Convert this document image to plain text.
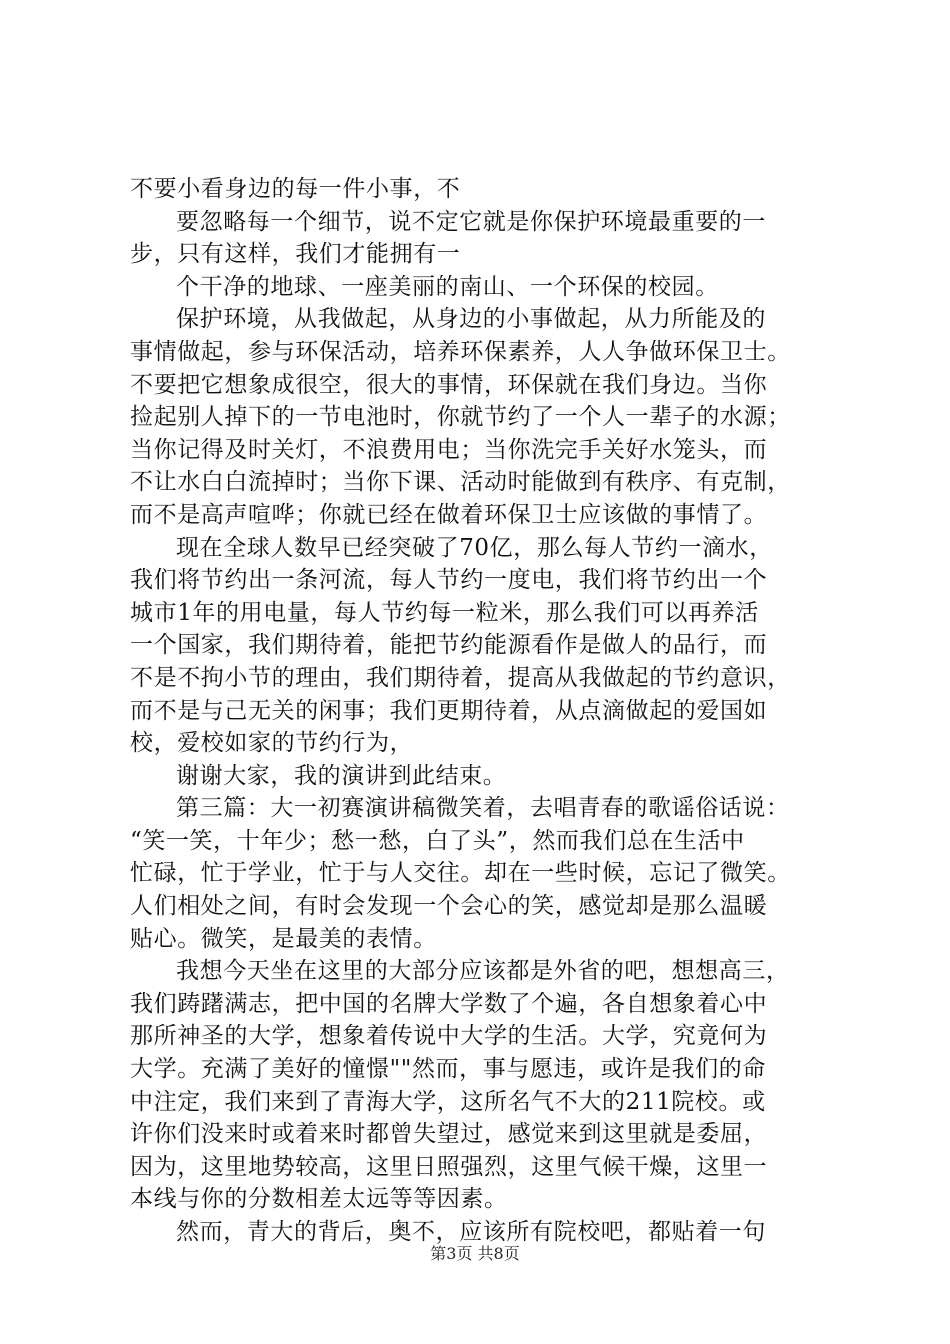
不要小看身边的每一件小事，不
要忽略每一个细节，说不定它就是你保护环境最重要的一
步，只有这样，我们才能拥有一
个干净的地球、一座美丽的南山、一个环保的校园。
保护环境，从我做起，从身边的小事做起，从力所能及的
事情做起，参与环保活动，培养环保素养，人人争做环保卫士。
不要把它想象成很空，很大的事情，环保就在我们身边。当你
捡起别人掉下的一节电池时，你就节约了一个人一辈子的水源；
当你记得及时关灯，不浪费用电；当你洗完手关好水笼头，而
不让水白白流掉时；当你下课、活动时能做到有秩序、有克制，
而不是高声喧哗；你就已经在做着环保卫士应该做的事情了。
现在全球人数早已经突破了70亿，那么每人节约一滴水，
我们将节约出一条河流，每人节约一度电，我们将节约出一个
城市1年的用电量，每人节约每一粒米，那么我们可以再养活
一个国家，我们期待着，能把节约能源看作是做人的品行，而
不是不拘小节的理由，我们期待着，提高从我做起的节约意识，
而不是与己无关的闲事；我们更期待着，从点滴做起的爱国如
校，爱校如家的节约行为，
谢谢大家，我的演讲到此结束。
第三篇：大一初赛演讲稿微笑着，去唱青春的歌谣俗话说：
“笑一笑，十年少；愁一愁，白了头”，然而我们总在生活中
忙碌，忙于学业，忙于与人交往。却在一些时候，忘记了微笑。
人们相处之间，有时会发现一个会心的笑，感觉却是那么温暖
贴心。微笑，是最美的表情。
我想今天坐在这里的大部分应该都是外省的吧，想想高三，
我们踌躇满志，把中国的名牌大学数了个遍，各自想象着心中
那所神圣的大学，想象着传说中大学的生活。大学，究竟何为
大学。充满了美好的憧憬""然而，事与愿违，或许是我们的命
中注定，我们来到了青海大学，这所名气不大的211院校。或
许你们没来时或着来时都曾失望过，感觉来到这里就是委屈，
因为，这里地势较高，这里日照强烈，这里气候干燥，这里一
本线与你的分数相差太远等等因素。
然而，青大的背后，奥不，应该所有院校吧，都贴着一句
第3页 共8页
